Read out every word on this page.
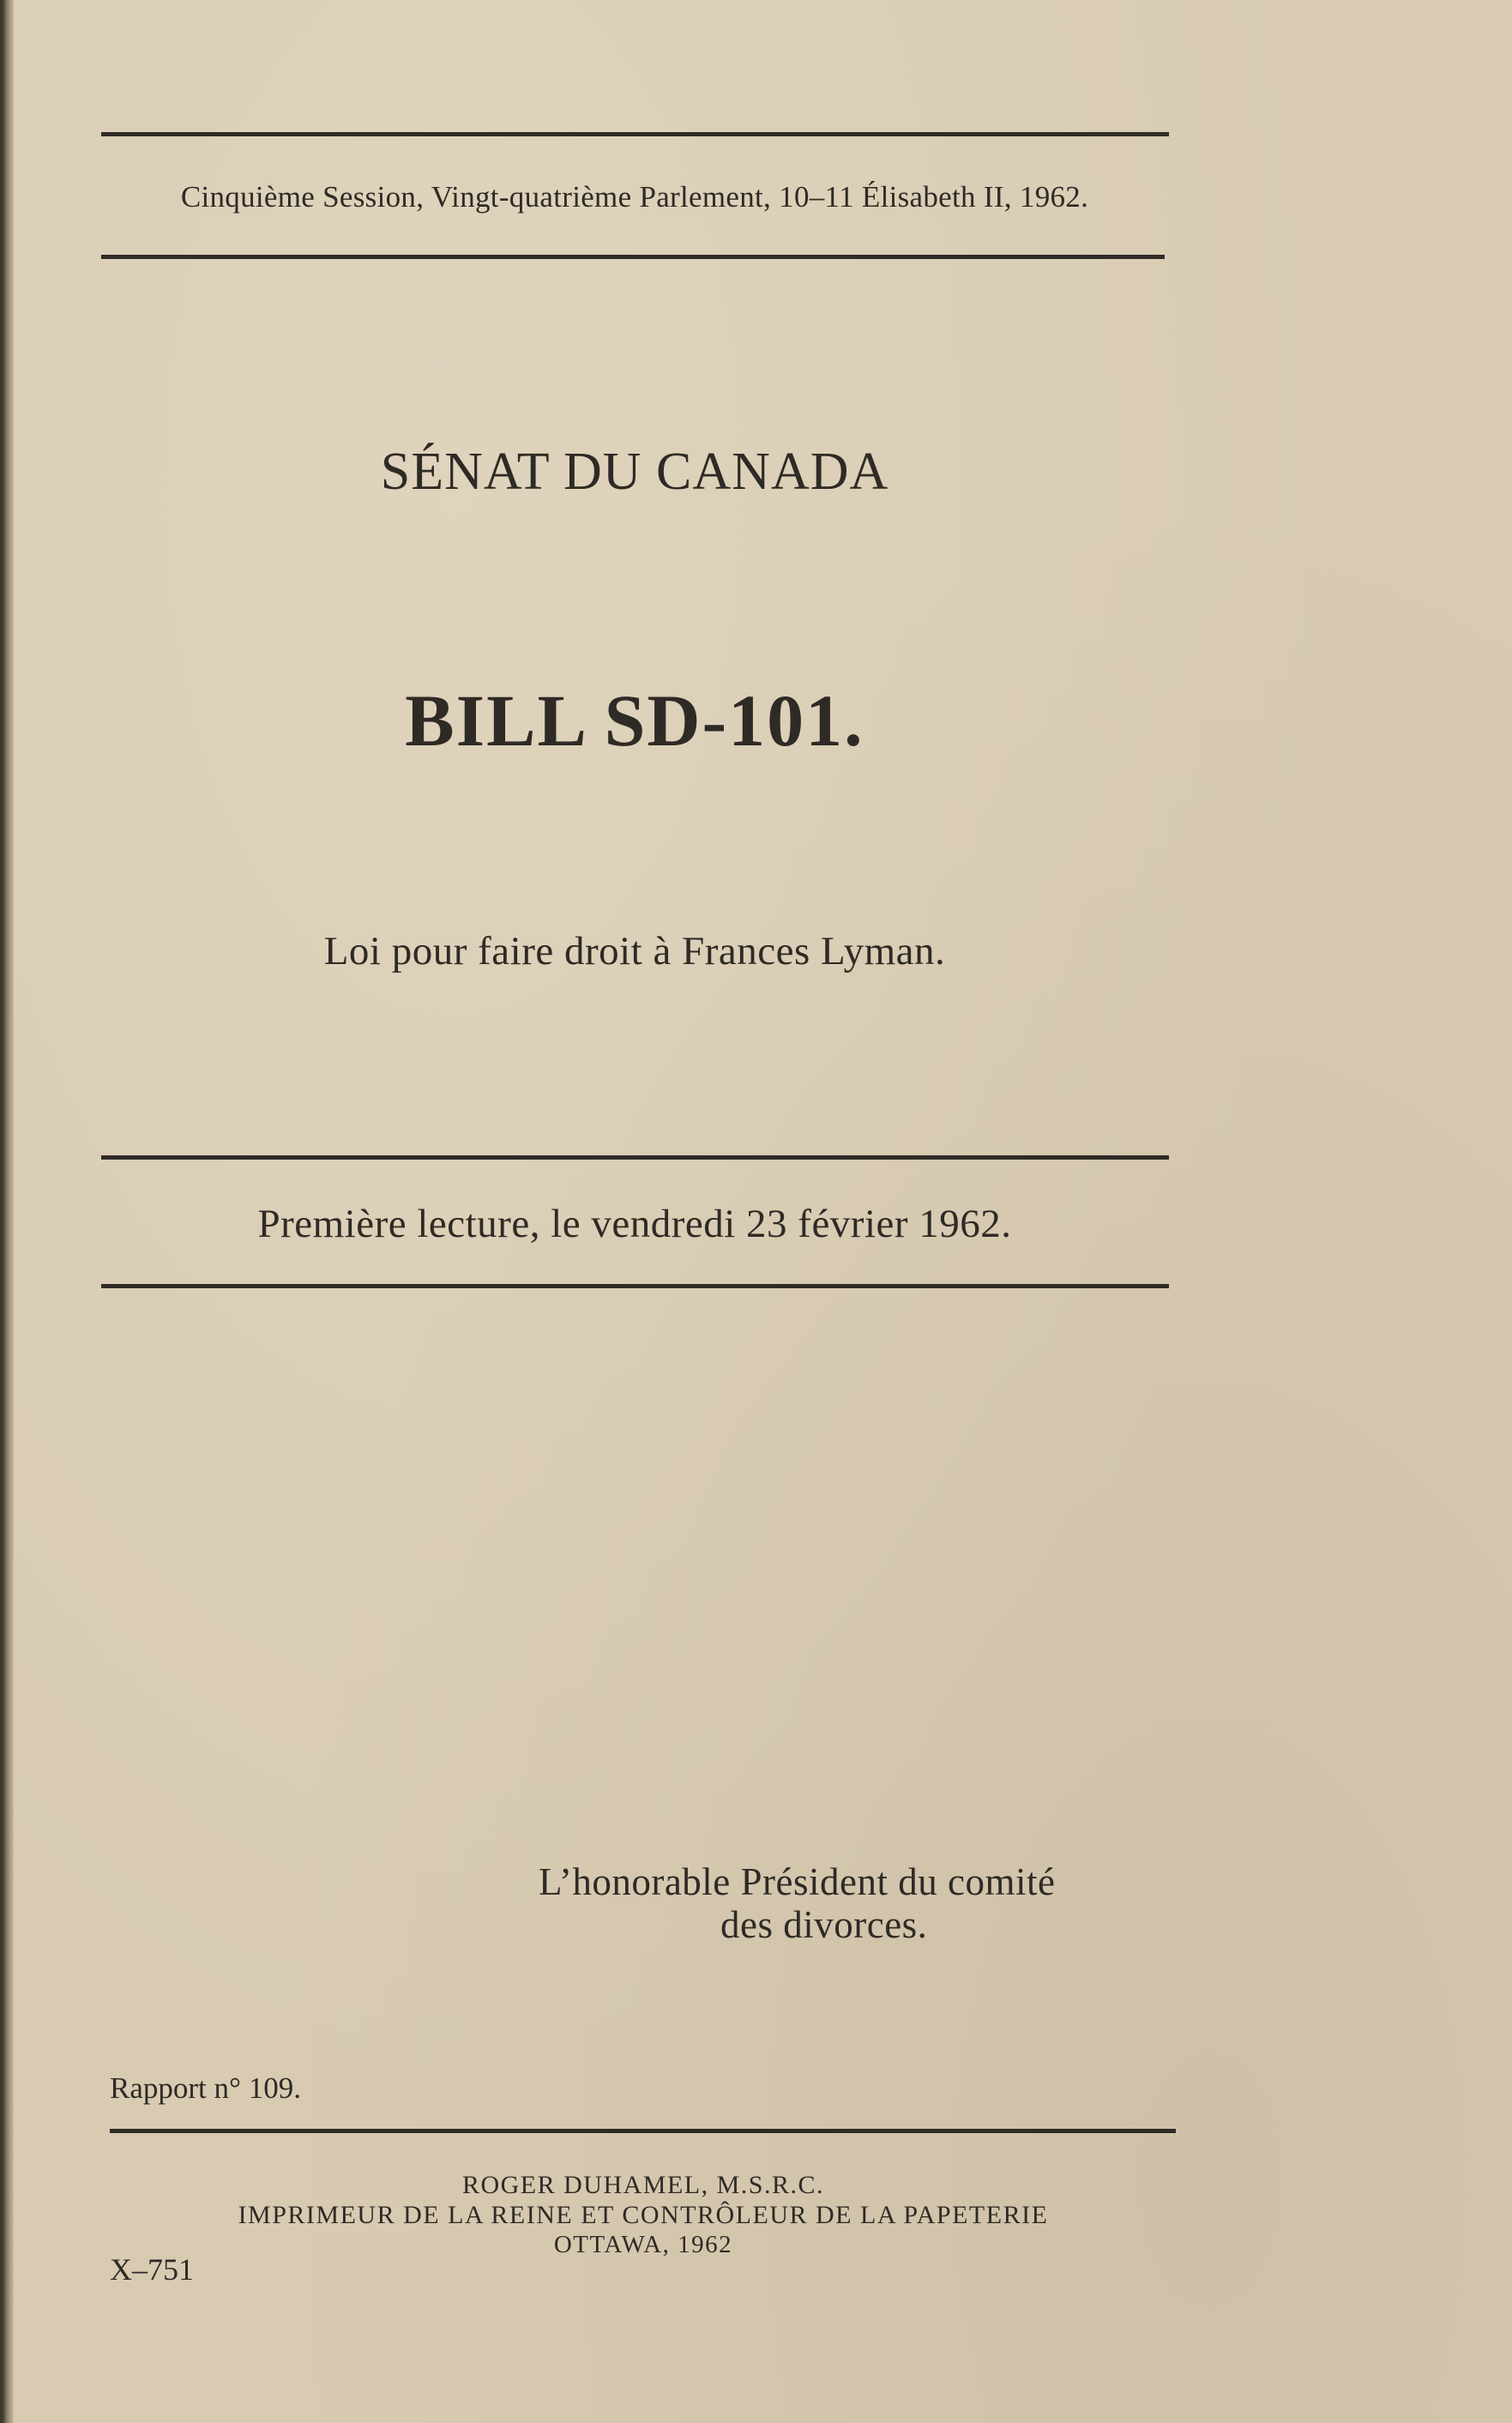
Cinquième Session, Vingt-quatrième Parlement, 10–11 Élisabeth II, 1962.
SÉNAT DU CANADA
BILL SD-101.
Loi pour faire droit à Frances Lyman.
Première lecture, le vendredi 23 février 1962.
L’honorable Président du comité
des divorces.
Rapport n° 109.
ROGER DUHAMEL, M.S.R.C.
IMPRIMEUR DE LA REINE ET CONTRÔLEUR DE LA PAPETERIE
OTTAWA, 1962
X–751
